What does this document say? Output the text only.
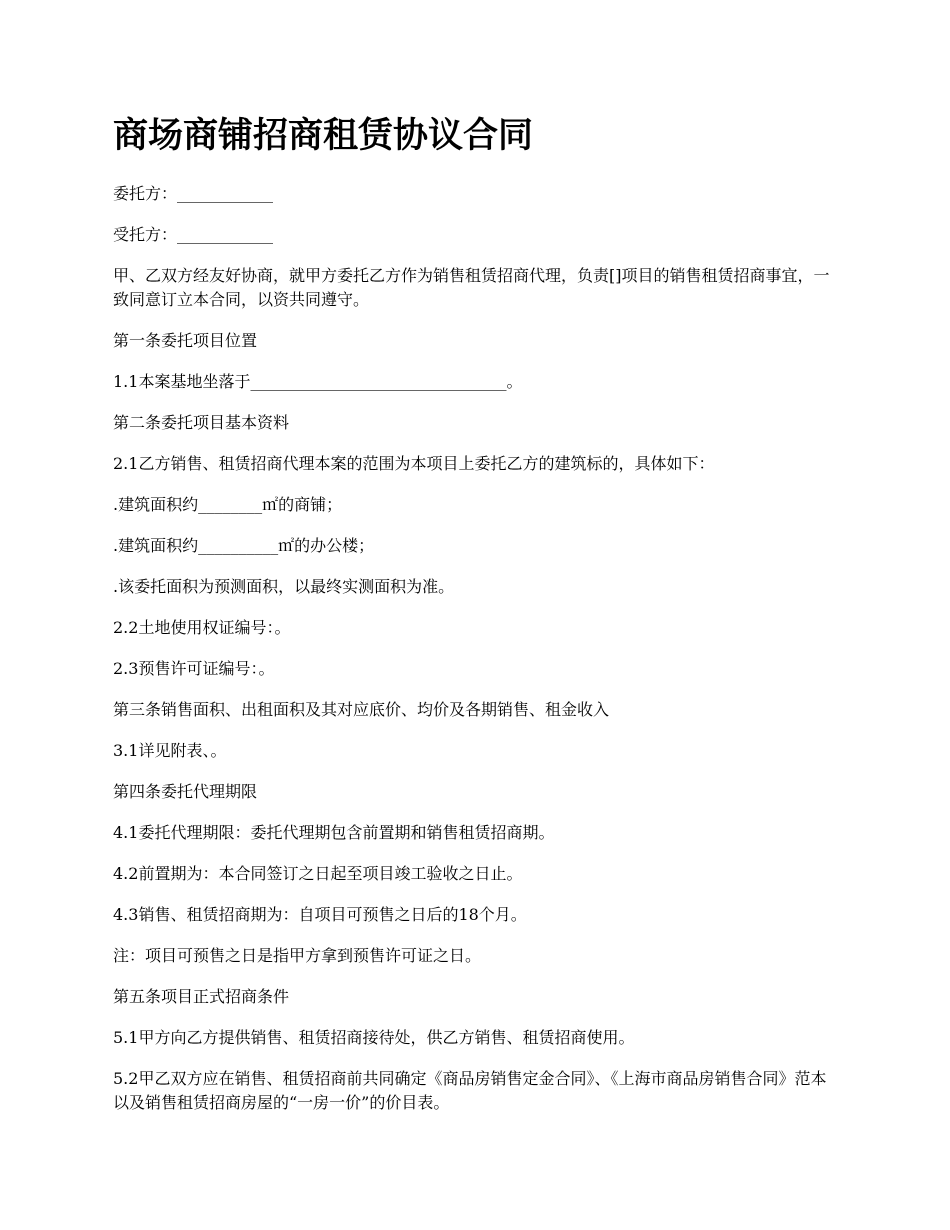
商场商铺招商租赁协议合同

委托方：____________

受托方：____________

甲、乙双方经友好协商，就甲方委托乙方作为销售租赁招商代理，负责[]项目的销售租赁招商事宜，一致同意订立本合同，以资共同遵守。

第一条委托项目位置

1.1本案基地坐落于________________________________。

第二条委托项目基本资料

2.1乙方销售、租赁招商代理本案的范围为本项目上委托乙方的建筑标的，具体如下：

.建筑面积约________㎡的商铺；

.建筑面积约__________㎡的办公楼；

.该委托面积为预测面积，以最终实测面积为准。

2.2土地使用权证编号：。

2.3预售许可证编号：。

第三条销售面积、出租面积及其对应底价、均价及各期销售、租金收入

3.1详见附表、。

第四条委托代理期限

4.1委托代理期限：委托代理期包含前置期和销售租赁招商期。

4.2前置期为：本合同签订之日起至项目竣工验收之日止。

4.3销售、租赁招商期为：自项目可预售之日后的18个月。

注：项目可预售之日是指甲方拿到预售许可证之日。

第五条项目正式招商条件

5.1甲方向乙方提供销售、租赁招商接待处，供乙方销售、租赁招商使用。

5.2甲乙双方应在销售、租赁招商前共同确定《商品房销售定金合同》、《上海市商品房销售合同》范本以及销售租赁招商房屋的“一房一价”的价目表。
